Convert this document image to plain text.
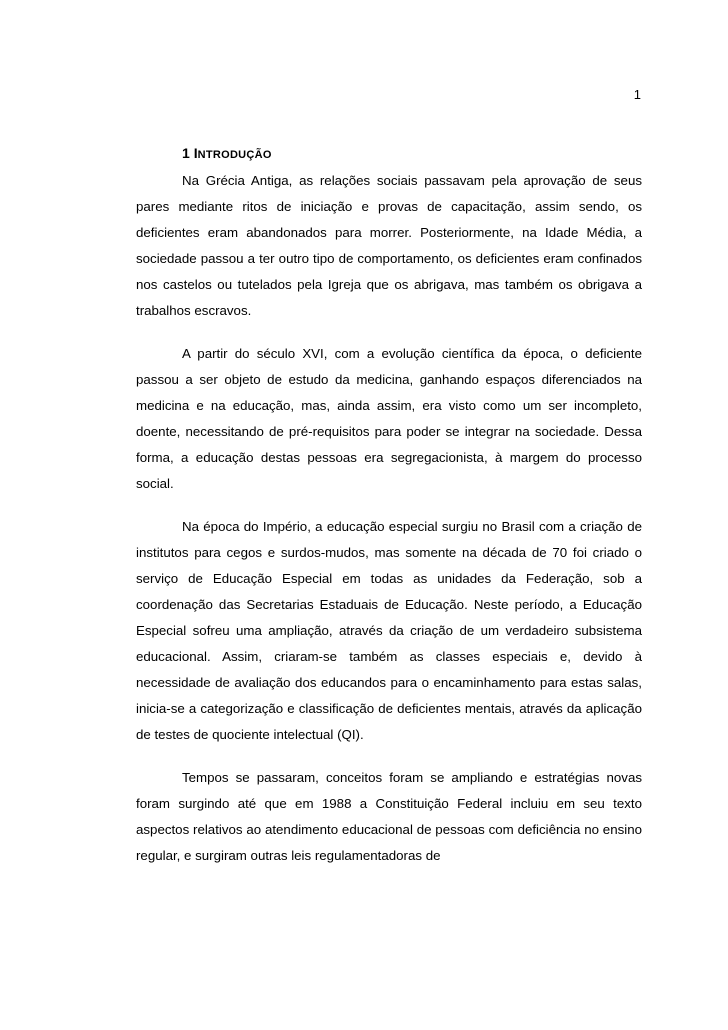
1
1 INTRODUÇÃO

Na Grécia Antiga, as relações sociais passavam pela aprovação de seus pares mediante ritos de iniciação e provas de capacitação, assim sendo, os deficientes eram abandonados para morrer. Posteriormente, na Idade Média, a sociedade passou a ter outro tipo de comportamento, os deficientes eram confinados nos castelos ou tutelados pela Igreja que os abrigava, mas também os obrigava a trabalhos escravos.

A partir do século XVI, com a evolução científica da época, o deficiente passou a ser objeto de estudo da medicina, ganhando espaços diferenciados na medicina e na educação, mas, ainda assim, era visto como um ser incompleto, doente, necessitando de pré-requisitos para poder se integrar na sociedade. Dessa forma, a educação destas pessoas era segregacionista, à margem do processo social.

Na época do Império, a educação especial surgiu no Brasil com a criação de institutos para cegos e surdos-mudos, mas somente na década de 70 foi criado o serviço de Educação Especial em todas as unidades da Federação, sob a coordenação das Secretarias Estaduais de Educação. Neste período, a Educação Especial sofreu uma ampliação, através da criação de um verdadeiro subsistema educacional. Assim, criaram-se também as classes especiais e, devido à necessidade de avaliação dos educandos para o encaminhamento para estas salas, inicia-se a categorização e classificação de deficientes mentais, através da aplicação de testes de quociente intelectual (QI).

Tempos se passaram, conceitos foram se ampliando e estratégias novas foram surgindo até que em 1988 a Constituição Federal incluiu em seu texto aspectos relativos ao atendimento educacional de pessoas com deficiência no ensino regular, e surgiram outras leis regulamentadoras de
